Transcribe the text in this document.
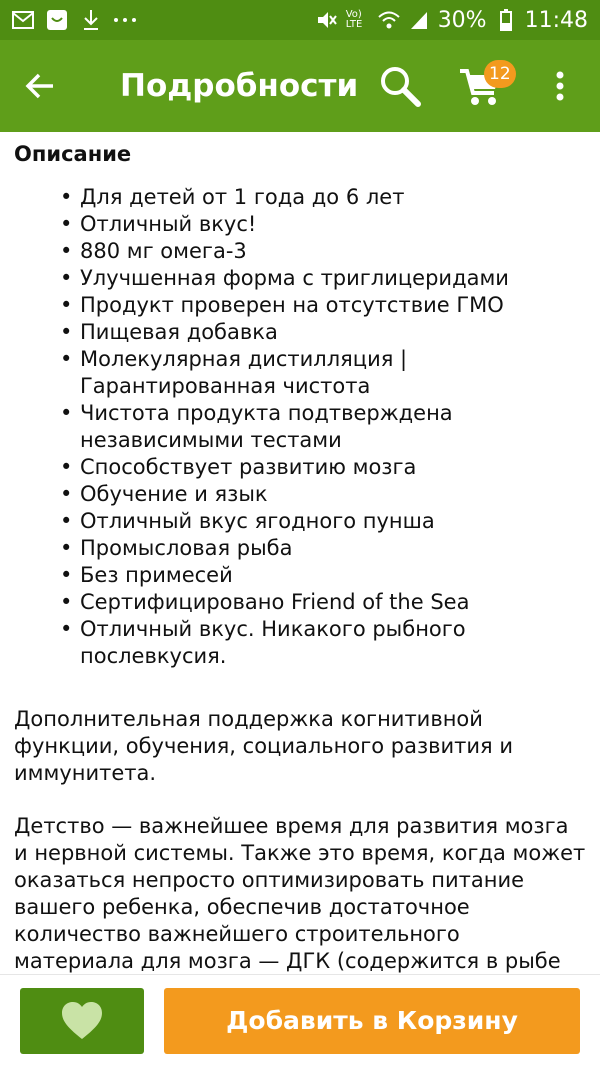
Vo) LTE	30% 11:48
Подробности	12
Описание
• Для детей от 1 года до 6 лет
• Отличный вкус!
• 880 мг омега-3
• Улучшенная форма с триглицеридами
• Продукт проверен на отсутствие ГМО
• Пищевая добавка
• Молекулярная дистилляция | Гарантированная чистота
• Чистота продукта подтверждена независимыми тестами
• Способствует развитию мозга
• Обучение и язык
• Отличный вкус ягодного пунша
• Промысловая рыба
• Без примесей
• Сертифицировано Friend of the Sea
• Отличный вкус. Никакого рыбного послевкусия.

Дополнительная поддержка когнитивной функции, обучения, социального развития и иммунитета.

Детство — важнейшее время для развития мозга и нервной системы. Также это время, когда может оказаться непросто оптимизировать питание вашего ребенка, обеспечив достаточное количество важнейшего строительного материала для мозга — ДГК (содержится в рыбе

Добавить в Корзину
